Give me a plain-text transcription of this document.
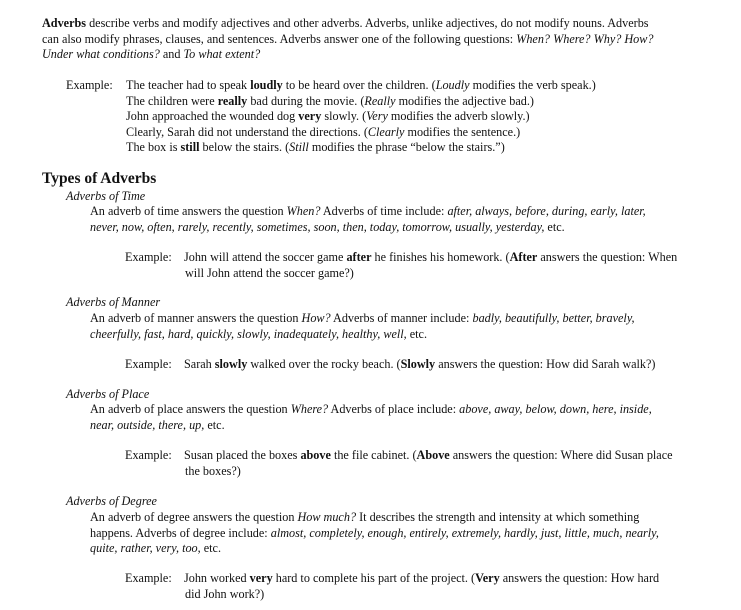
Adverbs describe verbs and modify adjectives and other adverbs. Adverbs, unlike adjectives, do not modify nouns. Adverbs
can also modify phrases, clauses, and sentences. Adverbs answer one of the following questions: When? Where? Why? How?
Under what conditions? and To what extent?
Example: The teacher had to speak loudly to be heard over the children. (Loudly modifies the verb speak.)
The children were really bad during the movie. (Really modifies the adjective bad.)
John approached the wounded dog very slowly. (Very modifies the adverb slowly.)
Clearly, Sarah did not understand the directions. (Clearly modifies the sentence.)
The box is still below the stairs. (Still modifies the phrase “below the stairs.”)
Types of Adverbs
Adverbs of Time
An adverb of time answers the question When? Adverbs of time include: after, always, before, during, early, later,
never, now, often, rarely, recently, sometimes, soon, then, today, tomorrow, usually, yesterday, etc.
Example: John will attend the soccer game after he finishes his homework. (After answers the question: When
will John attend the soccer game?)
Adverbs of Manner
An adverb of manner answers the question How? Adverbs of manner include: badly, beautifully, better, bravely,
cheerfully, fast, hard, quickly, slowly, inadequately, healthy, well, etc.
Example: Sarah slowly walked over the rocky beach. (Slowly answers the question: How did Sarah walk?)
Adverbs of Place
An adverb of place answers the question Where? Adverbs of place include: above, away, below, down, here, inside,
near, outside, there, up, etc.
Example: Susan placed the boxes above the file cabinet. (Above answers the question: Where did Susan place
the boxes?)
Adverbs of Degree
An adverb of degree answers the question How much? It describes the strength and intensity at which something
happens. Adverbs of degree include: almost, completely, enough, entirely, extremely, hardly, just, little, much, nearly,
quite, rather, very, too, etc.
Example: John worked very hard to complete his part of the project. (Very answers the question: How hard
did John work?)
